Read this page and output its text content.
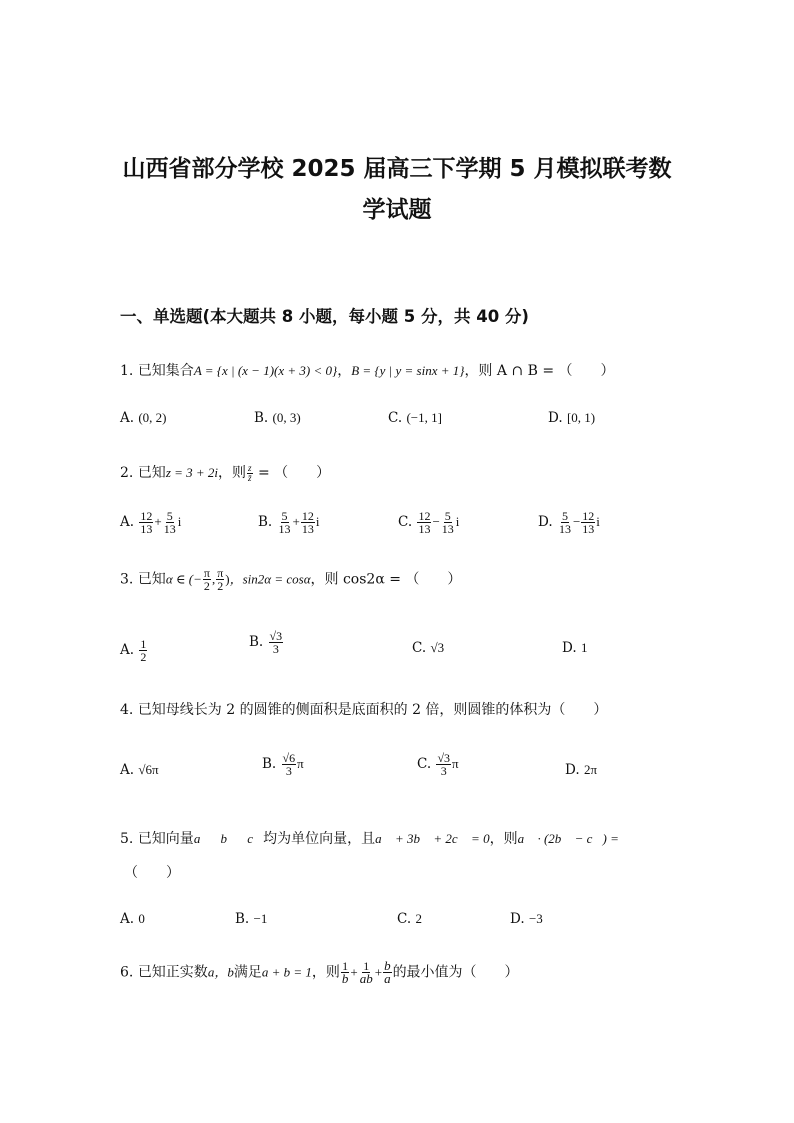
山西省部分学校 2025 届高三下学期 5 月模拟联考数
学试题
一、单选题(本大题共 8 小题，每小题 5 分，共 40 分)
1. 已知集合A = {x | (x − 1)(x + 3) < 0}，B = {y | y = sinx + 1}，则 A ∩ B = （　　）
A. (0, 2)	B. (0, 3)	C. (−1, 1]	D. [0, 1)
2. 已知z = 3 + 2i，则 $\frac{z}{z̄}$ = （　　）
A. $\frac{12}{13} + \frac{5}{13}$ i	B. $\frac{5}{13} + \frac{12}{13}$ i	C. $\frac{12}{13} - \frac{5}{13}$ i	D. $\frac{5}{13} - \frac{12}{13}$ i
3. 已知α ∈ (− $\frac{\pi}{2}$ , $\frac{\pi}{2}$ )，sin2α = cosα，则 cos2α = （　　）
A. $\frac{1}{2}$	B. $\frac{√3}{3}$	C. √3	D. 1
4. 已知母线长为 2 的圆锥的侧面积是底面积的 2 倍，则圆锥的体积为（　　）
A. √6π	B. $\frac{√6}{3}$ π	C. $\frac{√3}{3}$ π	D. 2π
5. 已知向量a⃗，b⃗，c⃗均为单位向量，且a⃗ + 3b⃗ + 2c⃗ = 0，则a⃗ · (2b⃗ − c⃗) =
（　　）
A. 0	B. −1	C. 2	D. −3
6. 已知正实数a，b满足a + b = 1，则 $\frac{1}{b} + \frac{1}{ab} + \frac{b}{a}$ 的最小值为（　　）
